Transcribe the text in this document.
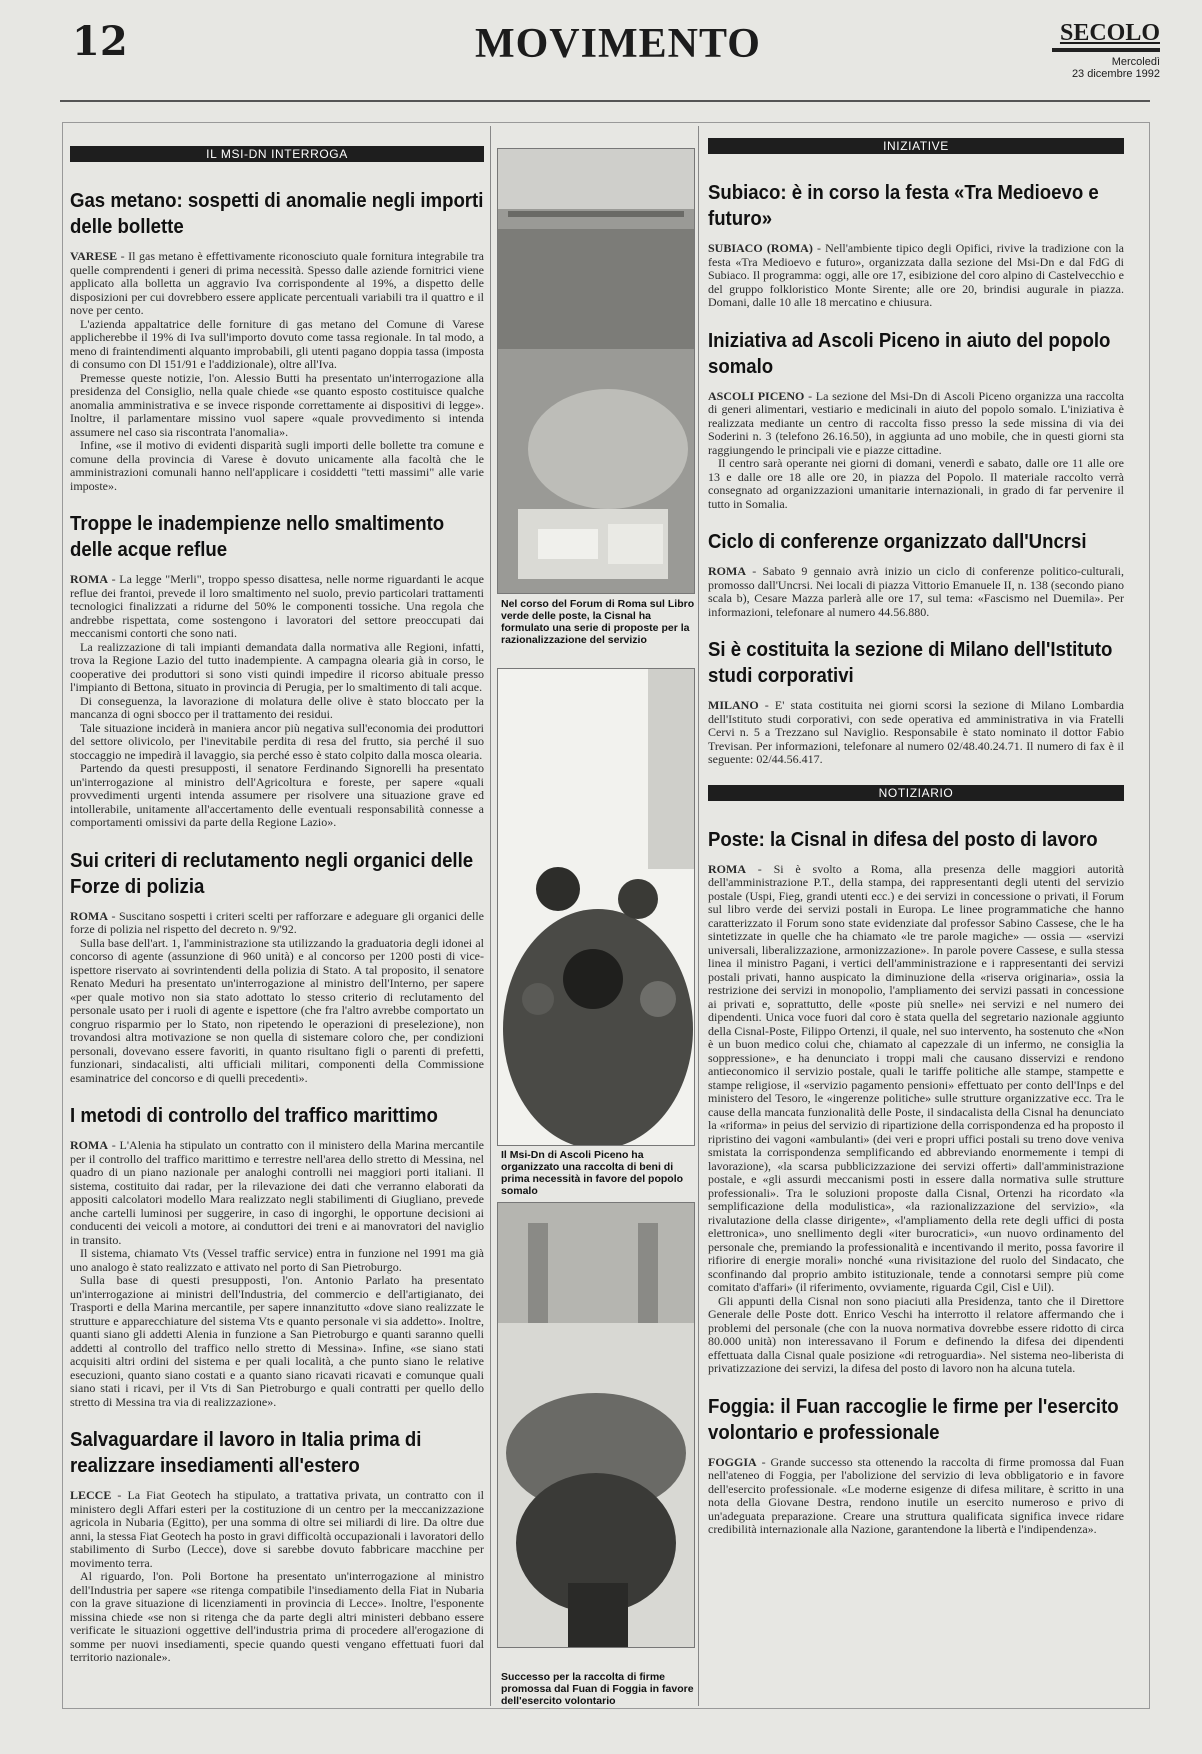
12	MOVIMENTO	SECOLO
Mercoledì
23 dicembre 1992
IL MSI-DN INTERROGA
Gas metano: sospetti di anomalie negli importi delle bollette

VARESE - Il gas metano è effettivamente riconosciuto quale fornitura integrabile tra quelle comprendenti i generi di prima necessità. Spesso dalle aziende fornitrici viene applicato alla bolletta un aggravio Iva corrispondente al 19%, a dispetto delle disposizioni per cui dovrebbero essere applicate percentuali variabili tra il quattro e il nove per cento.

L'azienda appaltatrice delle forniture di gas metano del Comune di Varese applicherebbe il 19% di Iva sull'importo dovuto come tassa regionale. In tal modo, a meno di fraintendimenti alquanto improbabili, gli utenti pagano doppia tassa (imposta di consumo con Dl 151/91 e l'addizionale), oltre all'Iva.

Premesse queste notizie, l'on. Alessio Butti ha presentato un'interrogazione alla presidenza del Consiglio, nella quale chiede «se quanto esposto costituisce qualche anomalia amministrativa e se invece risponde correttamente ai dispositivi di legge». Inoltre, il parlamentare missino vuol sapere «quale provvedimento si intenda assumere nel caso sia riscontrata l'anomalia».

Infine, «se il motivo di evidenti disparità sugli importi delle bollette tra comune e comune della provincia di Varese è dovuto unicamente alla facoltà che le amministrazioni comunali hanno nell'applicare i cosiddetti "tetti massimi" alle varie imposte».

Troppe le inadempienze nello smaltimento delle acque reflue

ROMA - La legge "Merli", troppo spesso disattesa, nelle norme riguardanti le acque reflue dei frantoi, prevede il loro smaltimento nel suolo, previo particolari trattamenti tecnologici finalizzati a ridurne del 50% le componenti tossiche. Una regola che andrebbe rispettata, come sostengono i lavoratori del settore preoccupati dai meccanismi contorti che sono nati.

La realizzazione di tali impianti demandata dalla normativa alle Regioni, infatti, trova la Regione Lazio del tutto inadempiente. A campagna olearia già in corso, le cooperative dei produttori si sono visti quindi impedire il ricorso abituale presso l'impianto di Bettona, situato in provincia di Perugia, per lo smaltimento di tali acque.

Di conseguenza, la lavorazione di molatura delle olive è stato bloccato per la mancanza di ogni sbocco per il trattamento dei residui.

Tale situazione inciderà in maniera ancor più negativa sull'economia dei produttori del settore olivicolo, per l'inevitabile perdita di resa del frutto, sia perché il suo stoccaggio ne impedirà il lavaggio, sia perché esso è stato colpito dalla mosca olearia.

Partendo da questi presupposti, il senatore Ferdinando Signorelli ha presentato un'interrogazione al ministro dell'Agricoltura e foreste, per sapere «quali provvedimenti urgenti intenda assumere per risolvere una situazione grave ed intollerabile, unitamente all'accertamento delle eventuali responsabilità connesse a comportamenti omissivi da parte della Regione Lazio».

Sui criteri di reclutamento negli organici delle Forze di polizia

ROMA - Suscitano sospetti i criteri scelti per rafforzare e adeguare gli organici delle forze di polizia nel rispetto del decreto n. 9/'92.

Sulla base dell'art. 1, l'amministrazione sta utilizzando la graduatoria degli idonei al concorso di agente (assunzione di 960 unità) e al concorso per 1200 posti di vice-ispettore riservato ai sovrintendenti della polizia di Stato. A tal proposito, il senatore Renato Meduri ha presentato un'interrogazione al ministro dell'Interno, per sapere «per quale motivo non sia stato adottato lo stesso criterio di reclutamento del personale usato per i ruoli di agente e ispettore (che fra l'altro avrebbe comportato un congruo risparmio per lo Stato, non ripetendo le operazioni di preselezione), non trovandosi altra motivazione se non quella di sistemare coloro che, per condizioni personali, dovevano essere favoriti, in quanto risultano figli o parenti di prefetti, funzionari, sindacalisti, alti ufficiali militari, componenti della Commissione esaminatrice del concorso e di quelli precedenti».

I metodi di controllo del traffico marittimo

ROMA - L'Alenia ha stipulato un contratto con il ministero della Marina mercantile per il controllo del traffico marittimo e terrestre nell'area dello stretto di Messina, nel quadro di un piano nazionale per analoghi controlli nei maggiori porti italiani. Il sistema, costituito dai radar, per la rilevazione dei dati che verranno elaborati da appositi calcolatori modello Mara realizzato negli stabilimenti di Giugliano, prevede anche cartelli luminosi per suggerire, in caso di ingorghi, le opportune decisioni ai conducenti dei veicoli a motore, ai conduttori dei treni e ai manovratori del naviglio in transito.

Il sistema, chiamato Vts (Vessel traffic service) entra in funzione nel 1991 ma già uno analogo è stato realizzato e attivato nel porto di San Pietroburgo.

Sulla base di questi presupposti, l'on. Antonio Parlato ha presentato un'interrogazione ai ministri dell'Industria, del commercio e dell'artigianato, dei Trasporti e della Marina mercantile, per sapere innanzitutto «dove siano realizzate le strutture e apparecchiature del sistema Vts e quanto personale vi sia addetto». Inoltre, quanti siano gli addetti Alenia in funzione a San Pietroburgo e quanti saranno quelli addetti al controllo del traffico nello stretto di Messina». Infine, «se siano stati acquisiti altri ordini del sistema e per quali località, a che punto siano le relative esecuzioni, quanto siano costati e a quanto siano ricavati ricavati e comunque quali siano stati i ricavi, per il Vts di San Pietroburgo e quali contratti per quello dello stretto di Messina tra via di realizzazione».

Salvaguardare il lavoro in Italia prima di realizzare insediamenti all'estero

LECCE - La Fiat Geotech ha stipulato, a trattativa privata, un contratto con il ministero degli Affari esteri per la costituzione di un centro per la meccanizzazione agricola in Nubaria (Egitto), per una somma di oltre sei miliardi di lire. Da oltre due anni, la stessa Fiat Geotech ha posto in gravi difficoltà occupazionali i lavoratori dello stabilimento di Surbo (Lecce), dove si sarebbe dovuto fabbricare macchine per movimento terra.

Al riguardo, l'on. Poli Bortone ha presentato un'interrogazione al ministro dell'Industria per sapere «se ritenga compatibile l'insediamento della Fiat in Nubaria con la grave situazione di licenziamenti in provincia di Lecce». Inoltre, l'esponente missina chiede «se non si ritenga che da parte degli altri ministeri debbano essere verificate le situazioni oggettive dell'industria prima di procedere all'erogazione di somme per nuovi insediamenti, specie quando questi vengano effettuati fuori dal territorio nazionale».

Nel corso del Forum di Roma sul Libro verde delle poste, la Cisnal ha formulato una serie di proposte per la razionalizzazione del servizio
Il Msi-Dn di Ascoli Piceno ha organizzato una raccolta di beni di prima necessità in favore del popolo somalo
Successo per la raccolta di firme promossa dal Fuan di Foggia in favore dell'esercito volontario
INIZIATIVE
Subiaco: è in corso la festa «Tra Medioevo e futuro»

SUBIACO (ROMA) - Nell'ambiente tipico degli Opifici, rivive la tradizione con la festa «Tra Medioevo e futuro», organizzata dalla sezione del Msi-Dn e dal FdG di Subiaco. Il programma: oggi, alle ore 17, esibizione del coro alpino di Castelvecchio e del gruppo folkloristico Monte Sirente; alle ore 20, brindisi augurale in piazza. Domani, dalle 10 alle 18 mercatino e chiusura.

Iniziativa ad Ascoli Piceno in aiuto del popolo somalo

ASCOLI PICENO - La sezione del Msi-Dn di Ascoli Piceno organizza una raccolta di generi alimentari, vestiario e medicinali in aiuto del popolo somalo. L'iniziativa è realizzata mediante un centro di raccolta fisso presso la sede missina di via dei Soderini n. 3 (telefono 26.16.50), in aggiunta ad uno mobile, che in questi giorni sta raggiungendo le principali vie e piazze cittadine.

Il centro sarà operante nei giorni di domani, venerdì e sabato, dalle ore 11 alle ore 13 e dalle ore 18 alle ore 20, in piazza del Popolo. Il materiale raccolto verrà consegnato ad organizzazioni umanitarie internazionali, in grado di far pervenire il tutto in Somalia.

Ciclo di conferenze organizzato dall'Uncrsi

ROMA - Sabato 9 gennaio avrà inizio un ciclo di conferenze politico-culturali, promosso dall'Uncrsi. Nei locali di piazza Vittorio Emanuele II, n. 138 (secondo piano scala b), Cesare Mazza parlerà alle ore 17, sul tema: «Fascismo nel Duemila». Per informazioni, telefonare al numero 44.56.880.

Si è costituita la sezione di Milano dell'Istituto studi corporativi

MILANO - E' stata costituita nei giorni scorsi la sezione di Milano Lombardia dell'Istituto studi corporativi, con sede operativa ed amministrativa in via Fratelli Cervi n. 5 a Trezzano sul Naviglio. Responsabile è stato nominato il dottor Fabio Trevisan. Per informazioni, telefonare al numero 02/48.40.24.71. Il numero di fax è il seguente: 02/44.56.417.

NOTIZIARIO
Poste: la Cisnal in difesa del posto di lavoro

ROMA - Si è svolto a Roma, alla presenza delle maggiori autorità dell'amministrazione P.T., della stampa, dei rappresentanti degli utenti del servizio postale (Uspi, Fieg, grandi utenti ecc.) e dei servizi in concessione o privati, il Forum sul libro verde dei servizi postali in Europa. Le linee programmatiche che hanno caratterizzato il Forum sono state evidenziate dal professor Sabino Cassese, che le ha sintetizzate in quelle che ha chiamato «le tre parole magiche» — ossia — «servizi universali, liberalizzazione, armonizzazione». In parole povere Cassese, e sulla stessa linea il ministro Pagani, i vertici dell'amministrazione e i rappresentanti dei servizi postali privati, hanno auspicato la diminuzione della «riserva originaria», ossia la restrizione dei servizi in monopolio, l'ampliamento dei servizi passati in concessione ai privati e, soprattutto, delle «poste più snelle» nei servizi e nel numero dei dipendenti. Unica voce fuori dal coro è stata quella del segretario nazionale aggiunto della Cisnal-Poste, Filippo Ortenzi, il quale, nel suo intervento, ha sostenuto che «Non è un buon medico colui che, chiamato al capezzale di un infermo, ne consiglia la soppressione», e ha denunciato i troppi mali che causano disservizi e rendono antieconomico il servizio postale, quali le tariffe politiche alle stampe, stampette e stampe religiose, il «servizio pagamento pensioni» effettuato per conto dell'Inps e del ministero del Tesoro, le «ingerenze politiche» sulle strutture organizzative ecc. Tra le cause della mancata funzionalità delle Poste, il sindacalista della Cisnal ha denunciato la «riforma» in peius del servizio di ripartizione della corrispondenza ed ha proposto il ripristino dei vagoni «ambulanti» (dei veri e propri uffici postali su treno dove veniva smistata la corrispondenza semplificando ed abbreviando enormemente i tempi di lavorazione), «la scarsa pubblicizzazione dei servizi offerti» dall'amministrazione postale, e «gli assurdi meccanismi posti in essere dalla normativa sulle strutture professionali». Tra le soluzioni proposte dalla Cisnal, Ortenzi ha ricordato «la semplificazione della modulistica», «la razionalizzazione del servizio», «la rivalutazione della classe dirigente», «l'ampliamento della rete degli uffici di posta elettronica», uno snellimento degli «iter burocratici», «un nuovo ordinamento del personale che, premiando la professionalità e incentivando il merito, possa favorire il rifiorire di energie morali» nonché «una rivisitazione del ruolo del Sindacato, che sconfinando dal proprio ambito istituzionale, tende a connotarsi sempre più come comitato d'affari» (il riferimento, ovviamente, riguarda Cgil, Cisl e Uil).

Gli appunti della Cisnal non sono piaciuti alla Presidenza, tanto che il Direttore Generale delle Poste dott. Enrico Veschi ha interrotto il relatore affermando che i problemi del personale (che con la nuova normativa dovrebbe essere ridotto di circa 80.000 unità) non interessavano il Forum e definendo la difesa dei dipendenti effettuata dalla Cisnal quale posizione «di retroguardia». Nel sistema neo-liberista di privatizzazione dei servizi, la difesa del posto di lavoro non ha alcuna tutela.

Foggia: il Fuan raccoglie le firme per l'esercito volontario e professionale

FOGGIA - Grande successo sta ottenendo la raccolta di firme promossa dal Fuan nell'ateneo di Foggia, per l'abolizione del servizio di leva obbligatorio e in favore dell'esercito professionale. «Le moderne esigenze di difesa militare, è scritto in una nota della Giovane Destra, rendono inutile un esercito numeroso e privo di un'adeguata preparazione. Creare una struttura qualificata significa invece ridare credibilità internazionale alla Nazione, garantendone la libertà e l'indipendenza».
